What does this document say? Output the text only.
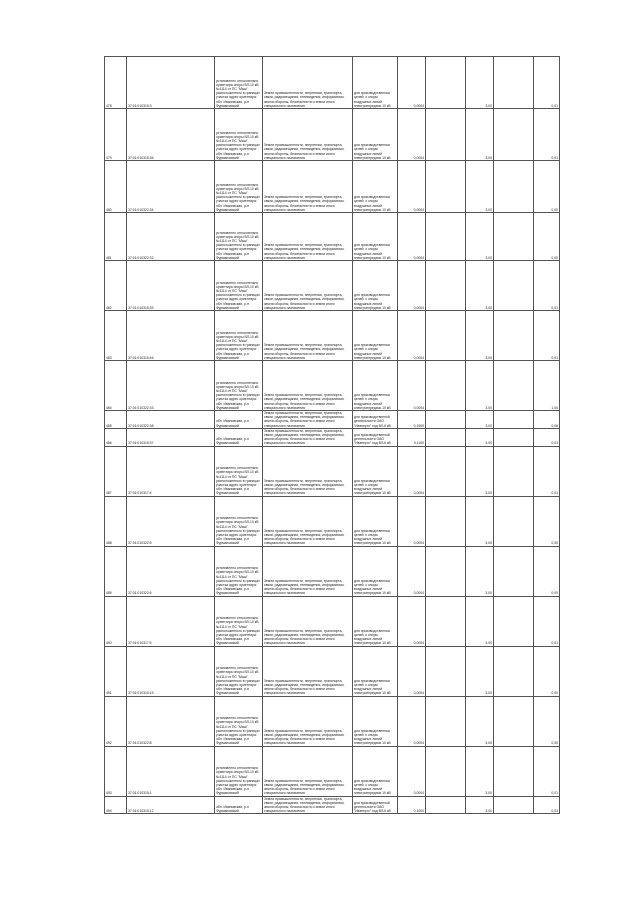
478	37:01:010315:3	установлено относительно ориентира опоры ВЛ-10 кВ №1114 от ПС "Маш" расположенного в границах участка адрес ориентира: обл. Ивановская, р-н Фурмановский	Земли промышленности, энергетики, транспорта, связи, радиовещания, телевидения, информатики, земли обороны, безопасности и земли иного специального назначения	для производственных целей: с опоры воздушных линий электропередачи 10 кВ	0,0004		3,00		0,01
479	37:01:010315:36	установлено относительно ориентира опоры ВЛ-10 кВ №1114 от ПС "Маш" расположенного в границах участка адрес ориентира: обл. Ивановская, р-н Фурмановский	Земли промышленности, энергетики, транспорта, связи, радиовещания, телевидения, информатики, земли обороны, безопасности и земли иного специального назначения	для производственных целей: с опоры воздушных линий электропередачи 10 кВ	0,0004		3,00		0,01
480	37:01:010322:34	установлено относительно ориентира опоры ВЛ-10 кВ №1114 от ПС "Маш" расположенного в границах участка адрес ориентира: обл. Ивановская, р-н Фурмановский	Земли промышленности, энергетики, транспорта, связи, радиовещания, телевидения, информатики, земли обороны, безопасности и земли иного специального назначения	для производственных целей: с опоры воздушных линий электропередачи 10 кВ	0,0004		3,00		0,00
481	37:01:010322:32	установлено относительно ориентира опоры ВЛ-10 кВ №1114 от ПС "Маш" расположенного в границах участка адрес ориентира: обл. Ивановская, р-н Фурмановский	Земли промышленности, энергетики, транспорта, связи, радиовещания, телевидения, информатики, земли обороны, безопасности и земли иного специального назначения	для производственных целей: с опоры воздушных линий электропередачи 10 кВ	0,0004		3,00		0,00
482	37:01:010315:39	установлено относительно ориентира опоры ВЛ-10 кВ №1114 от ПС "Маш" расположенного в границах участка адрес ориентира: обл. Ивановская, р-н Фурмановский	Земли промышленности, энергетики, транспорта, связи, радиовещания, телевидения, информатики, земли обороны, безопасности и земли иного специального назначения	для производственных целей: с опоры воздушных линий электропередачи 10 кВ	0,0004		3,00		0,01
483	37:01:010315:46	установлено относительно ориентира опоры ВЛ-10 кВ №1114 от ПС "Маш" расположенного в границах участка адрес ориентира: обл. Ивановская, р-н Фурмановский	Земли промышленности, энергетики, транспорта, связи, радиовещания, телевидения, информатики, земли обороны, безопасности и земли иного специального назначения	для производственных целей: с опоры воздушных линий электропередачи 10 кВ	0,0004		3,00		0,01
484	37:01:010322:33	установлено относительно ориентира опоры ВЛ-10 кВ №1114 от ПС "Маш" расположенного в границах участка адрес ориентира: обл. Ивановская, р-н Фурмановский	Земли промышленности, энергетики, транспорта, связи, радиовещания, телевидения, информатики, земли обороны, безопасности и земли иного специального назначения	для производственных целей: с опоры воздушных линий электропередачи 10 кВ	0,0004		3,00		1,00
485	37:01:010322:38	обл. Ивановская, р-н Фурмановский	Земли промышленности, энергетики, транспорта, связи, радиовещания, телевидения, информатики, земли обороны, безопасности и земли иного специального назначения	для производственной деятельности ОАО "Ивэнерго" под ВЛ-6 кВ	0,1900		3,00		0,06
486	37:01:010315:37	обл. Ивановская, р-н Фурмановский	Земли промышленности, энергетики, транспорта, связи, радиовещания, телевидения, информатики, земли обороны, безопасности и земли иного специального назначения	для производственной деятельности ОАО "Ивэнерго" под ВЛ-6 кВ	0,1100		3,00		0,03
487	37:01:010317:4	установлено относительно ориентира опоры ВЛ-10 кВ №1114 от ПС "Маш" расположенного в границах участка адрес ориентира: обл. Ивановская, р-н Фурмановский	Земли промышленности, энергетики, транспорта, связи, радиовещания, телевидения, информатики, земли обороны, безопасности и земли иного специального назначения	для производственных целей: с опоры воздушных линий электропередачи 10 кВ	0,0004		3,00		0,01
488	37:01:010322:5	установлено относительно ориентира опоры ВЛ-10 кВ №1114 от ПС "Маш" расположенного в границах участка адрес ориентира: обл. Ивановская, р-н Фурмановский	Земли промышленности, энергетики, транспорта, связи, радиовещания, телевидения, информатики, земли обороны, безопасности и земли иного специального назначения	для производственных целей: с опоры воздушных линий электропередачи 10 кВ	0,0004		3,00		0,00
489	37:01:010322:6	установлено относительно ориентира опоры ВЛ-10 кВ №1114 от ПС "Маш" расположенного в границах участка адрес ориентира: обл. Ивановская, р-н Фурмановский	Земли промышленности, энергетики, транспорта, связи, радиовещания, телевидения, информатики, земли обороны, безопасности и земли иного специального назначения	для производственных целей: с опоры воздушных линий электропередачи 10 кВ	0,0004		3,00		0,00
490	37:01:010317:5	установлено относительно ориентира опоры ВЛ-10 кВ №1114 от ПС "Маш" расположенного в границах участка адрес ориентира: обл. Ивановская, р-н Фурмановский	Земли промышленности, энергетики, транспорта, связи, радиовещания, телевидения, информатики, земли обороны, безопасности и земли иного специального назначения	для производственных целей: с опоры воздушных линий электропередачи 10 кВ	0,0004		3,00		0,01
491	37:01:010315:15	установлено относительно ориентира опоры ВЛ-10 кВ №1114 от ПС "Маш" расположенного в границах участка адрес ориентира: обл. Ивановская, р-н Фурмановский	Земли промышленности, энергетики, транспорта, связи, радиовещания, телевидения, информатики, земли обороны, безопасности и земли иного специального назначения	для производственных целей: с опоры воздушных линий электропередачи 10 кВ	0,0004		3,00		0,00
492	37:01:010322:8	установлено относительно ориентира опоры ВЛ-10 кВ №1114 от ПС "Маш" расположенного в границах участка адрес ориентира: обл. Ивановская, р-н Фурмановский	Земли промышленности, энергетики, транспорта, связи, радиовещания, телевидения, информатики, земли обороны, безопасности и земли иного специального назначения	для производственных целей: с опоры воздушных линий электропередачи 10 кВ	0,0004		3,00		0,00
493	37:01:010315:1	установлено относительно ориентира опоры ВЛ-10 кВ №1114 от ПС "Маш" расположенного в границах участка адрес ориентира: обл. Ивановская, р-н Фурмановский	Земли промышленности, энергетики, транспорта, связи, радиовещания, телевидения, информатики, земли обороны, безопасности и земли иного специального назначения	для производственных целей: с опоры воздушных линий электропередачи 10 кВ	0,0004		3,00		0,01
494	37:01:010315:12	обл. Ивановская, р-н Фурмановский	Земли промышленности, энергетики, транспорта, связи, радиовещания, телевидения, информатики, земли обороны, безопасности и земли иного специального назначения	для производственной деятельности ОАО "Ивэнерго" под ВЛ-6 кВ	0,1000		3,00		0,03
